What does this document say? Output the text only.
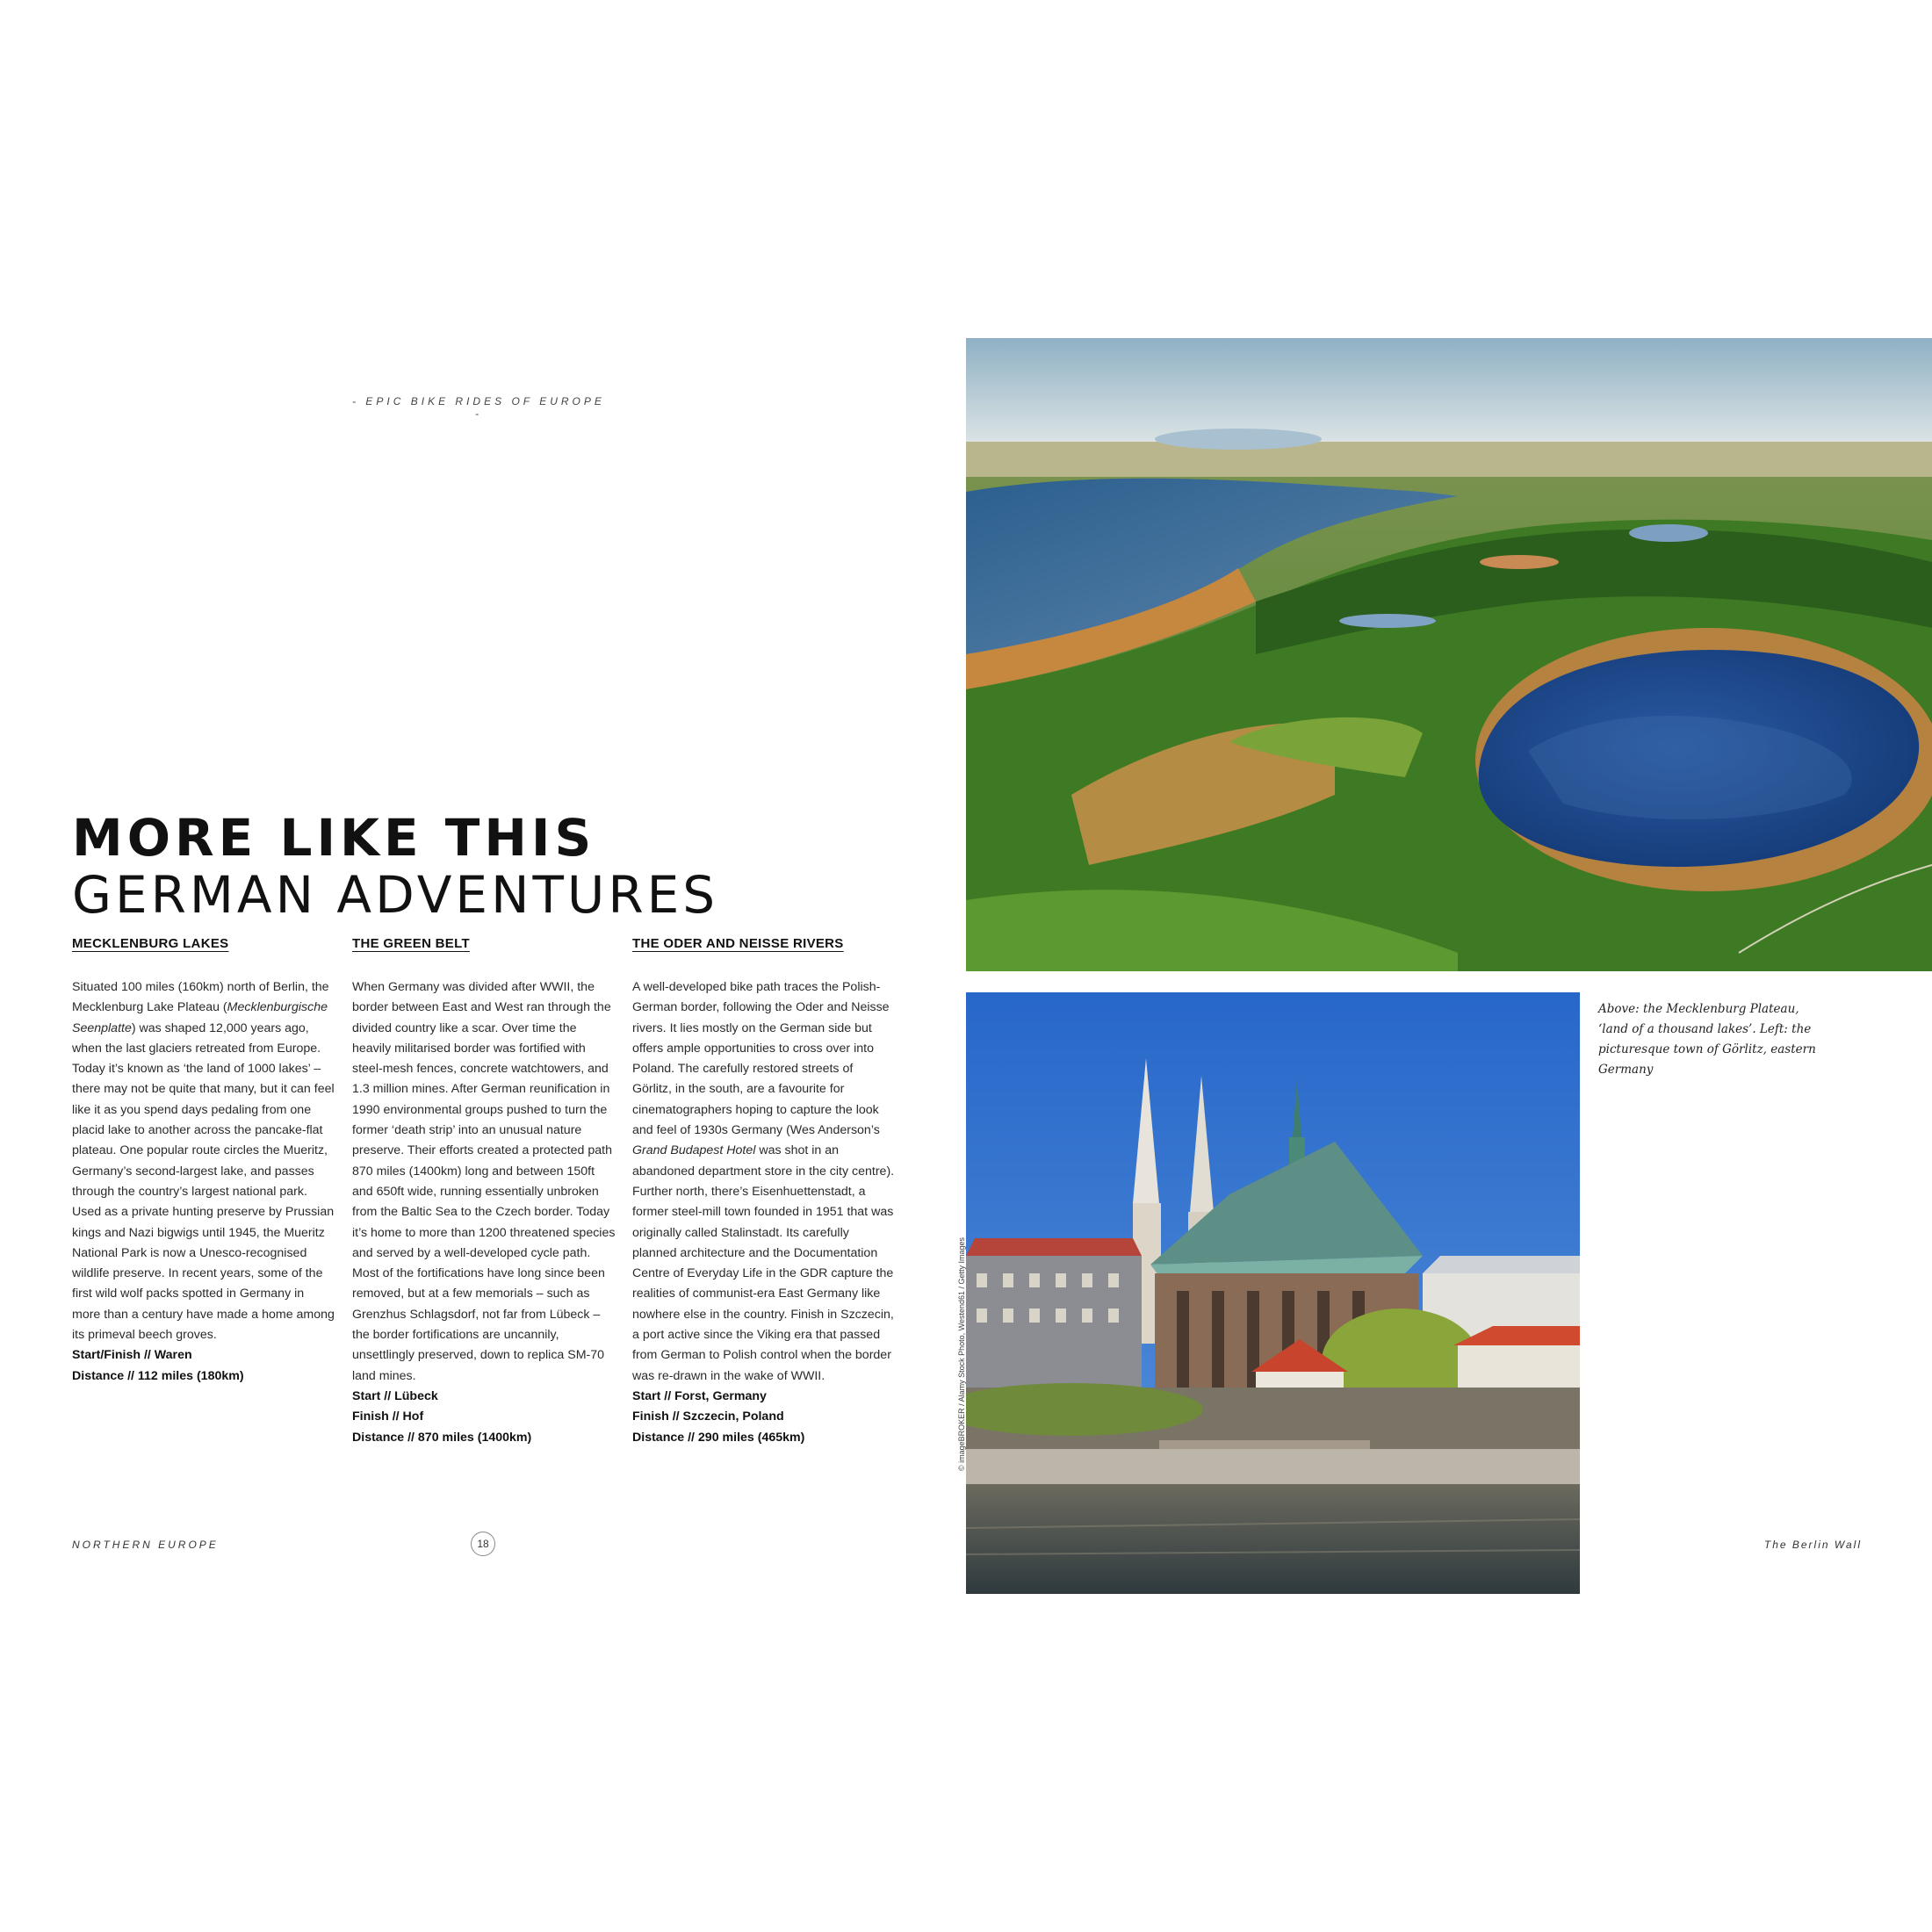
- EPIC BIKE RIDES OF EUROPE -
MORE LIKE THIS
GERMAN ADVENTURES

MECKLENBURG LAKES

Situated 100 miles (160km) north of Berlin, the Mecklenburg Lake Plateau (Mecklenburgische Seenplatte) was shaped 12,000 years ago, when the last glaciers retreated from Europe. Today it’s known as ‘the land of 1000 lakes’ – there may not be quite that many, but it can feel like it as you spend days pedaling from one placid lake to another across the pancake-flat plateau. One popular route circles the Mueritz, Germany’s second-largest lake, and passes through the country’s largest national park. Used as a private hunting preserve by Prussian kings and Nazi bigwigs until 1945, the Mueritz National Park is now a Unesco-recognised wildlife preserve. In recent years, some of the first wild wolf packs spotted in Germany in more than a century have made a home among its primeval beech groves.

Start/Finish // Waren

Distance // 112 miles (180km)

THE GREEN BELT

When Germany was divided after WWII, the border between East and West ran through the divided country like a scar. Over time the heavily militarised border was fortified with steel-mesh fences, concrete watchtowers, and 1.3 million mines. After German reunification in 1990 environmental groups pushed to turn the former ‘death strip’ into an unusual nature preserve. Their efforts created a protected path 870 miles (1400km) long and between 150ft and 650ft wide, running essentially unbroken from the Baltic Sea to the Czech border. Today it’s home to more than 1200 threatened species and served by a well-developed cycle path. Most of the fortifications have long since been removed, but at a few memorials – such as Grenzhus Schlagsdorf, not far from Lübeck – the border fortifications are uncannily, unsettlingly preserved, down to replica SM-70 land mines.

Start // Lübeck

Finish // Hof

Distance // 870 miles (1400km)

THE ODER AND NEISSE RIVERS

A well-developed bike path traces the Polish-German border, following the Oder and Neisse rivers. It lies mostly on the German side but offers ample opportunities to cross over into Poland. The carefully restored streets of Görlitz, in the south, are a favourite for cinematographers hoping to capture the look and feel of 1930s Germany (Wes Anderson’s Grand Budapest Hotel was shot in an abandoned department store in the city centre). Further north, there’s Eisenhuettenstadt, a former steel-mill town founded in 1951 that was originally called Stalinstadt. Its carefully planned architecture and the Documentation Centre of Everyday Life in the GDR capture the realities of communist-era East Germany like nowhere else in the country. Finish in Szczecin, a port active since the Viking era that passed from German to Polish control when the border was re-drawn in the wake of WWII.

Start // Forst, Germany

Finish // Szczecin, Poland

Distance // 290 miles (465km)

NORTHERN EUROPE	18	The Berlin Wall
© imageBROKER / Alamy Stock Photo, Westend61 / Getty Images
Above: the Mecklenburg Plateau, ‘land of a thousand lakes’. Left: the picturesque town of Görlitz, eastern Germany
